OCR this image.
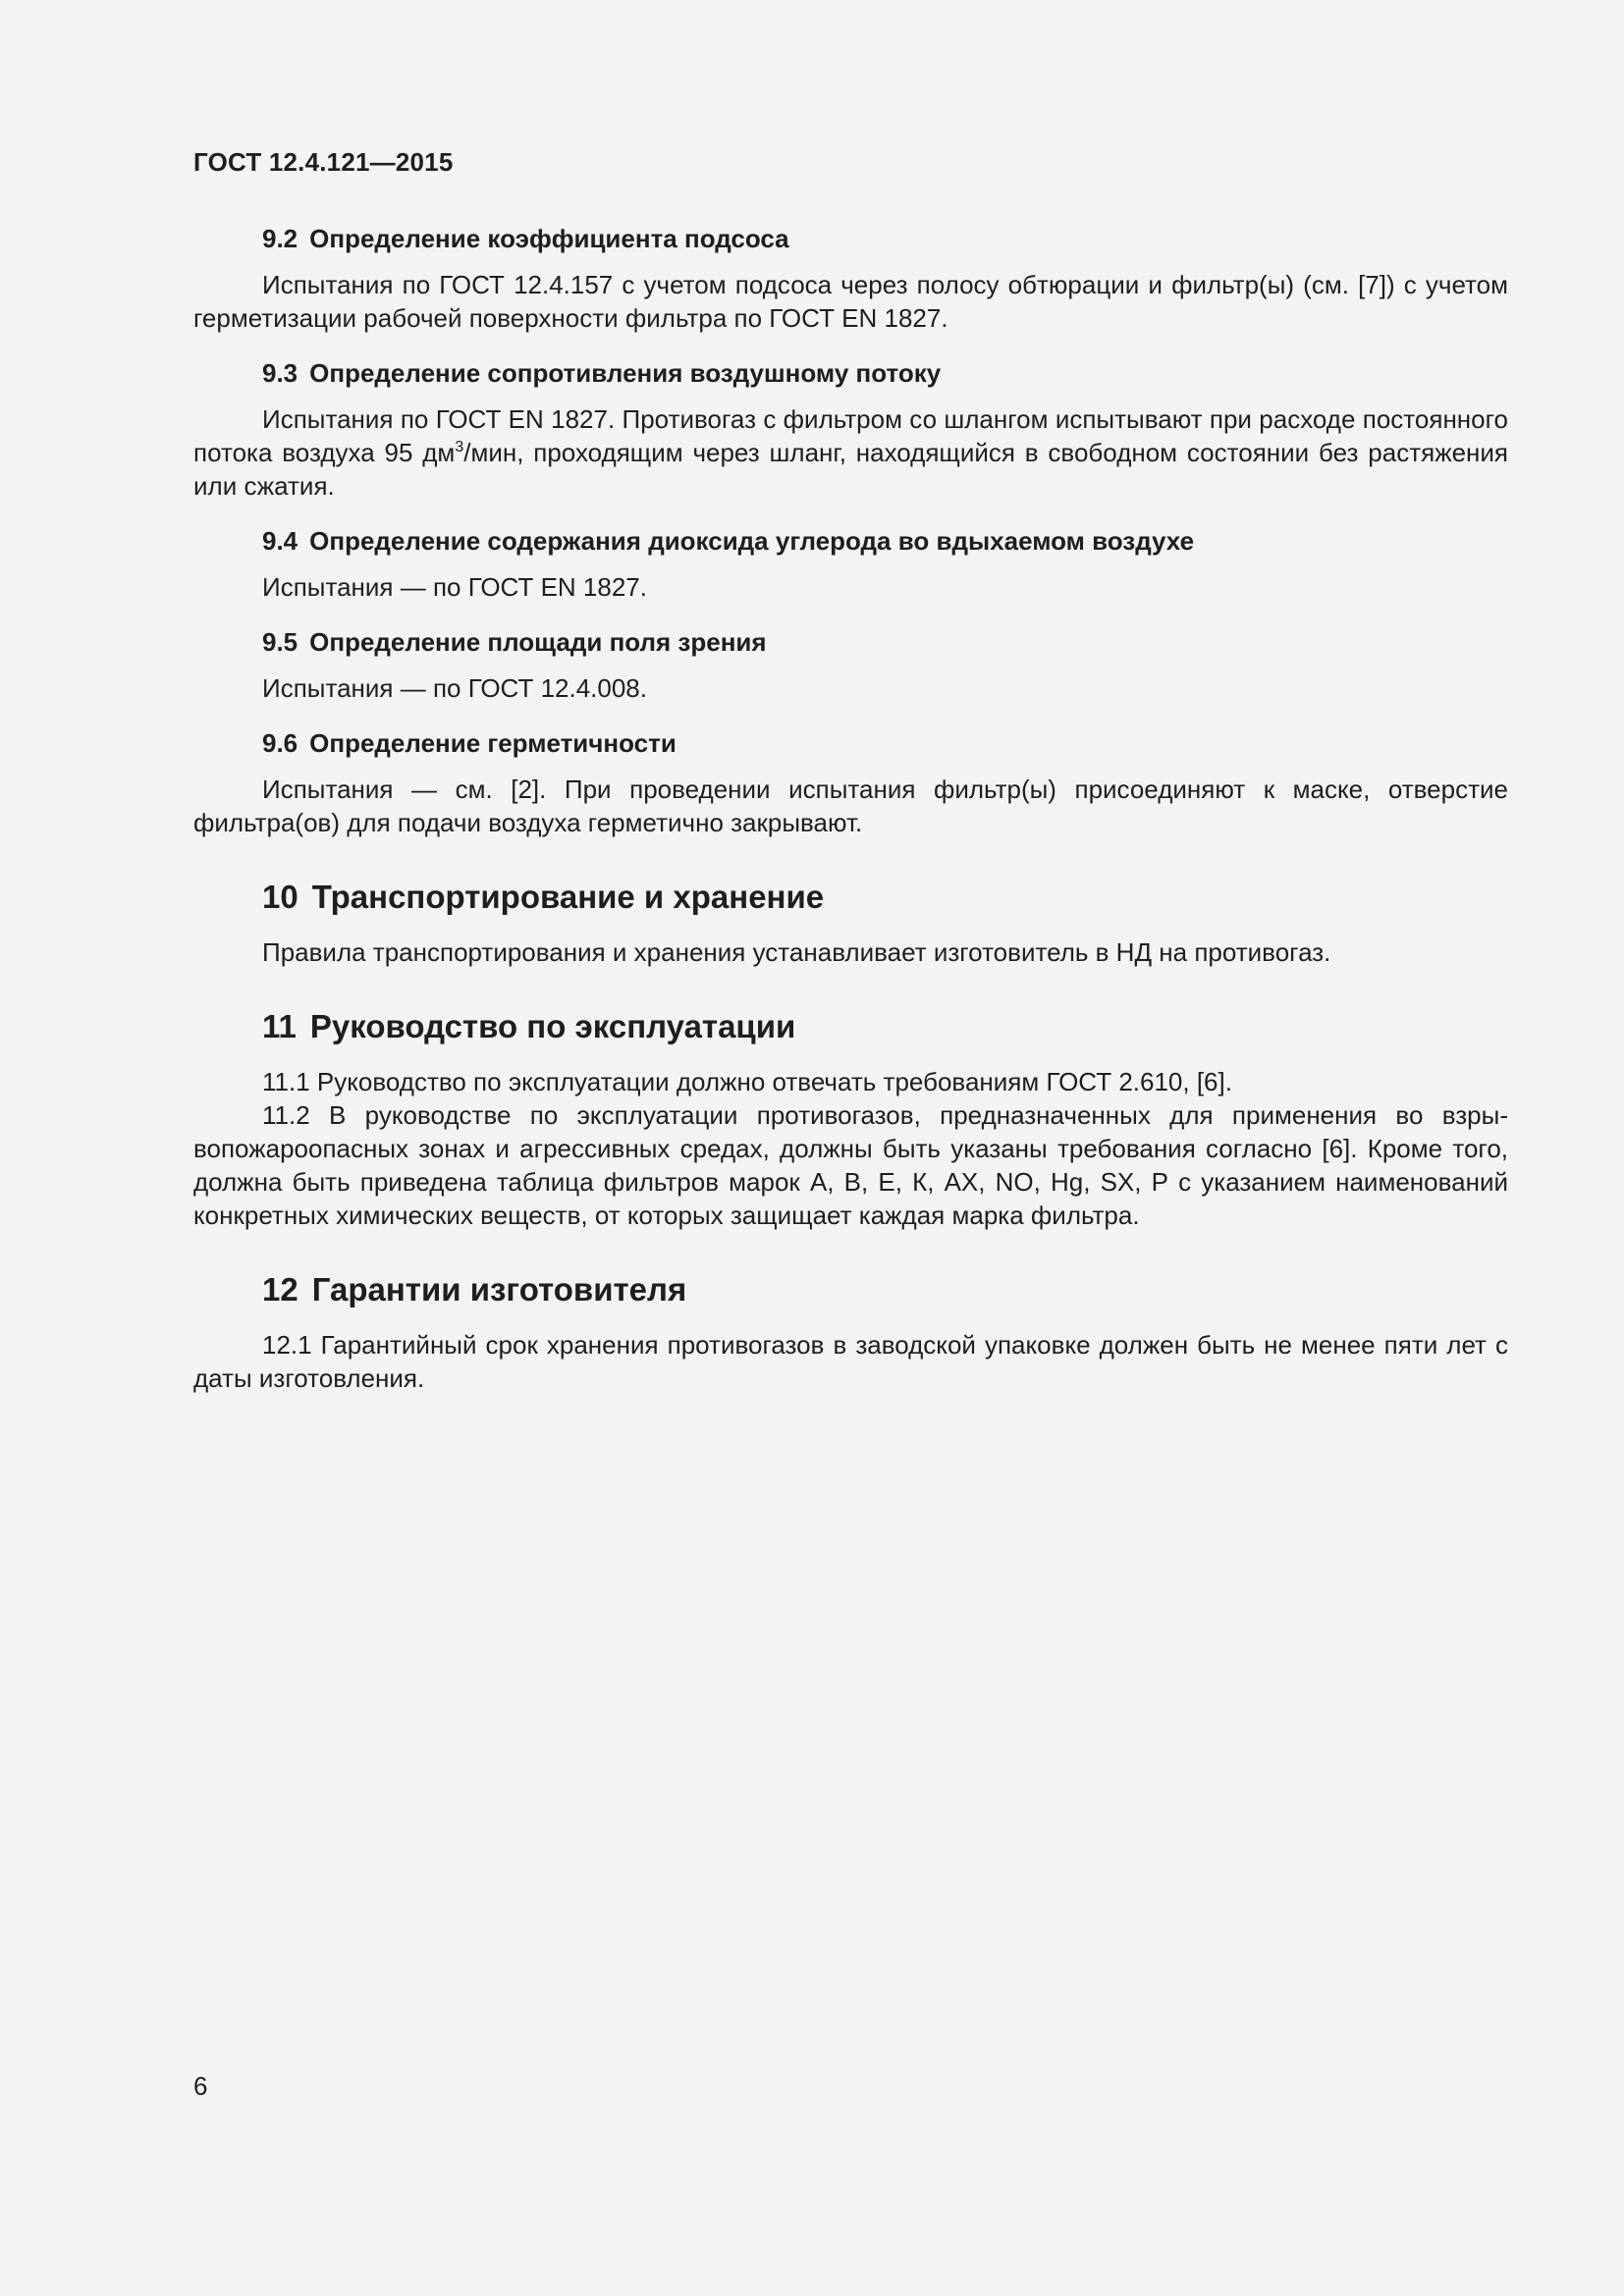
ГОСТ 12.4.121—2015
9.2 Определение коэффициента подсоса

Испытания по ГОСТ 12.4.157 с учетом подсоса через полосу обтюрации и фильтр(ы) (см. [7]) с учетом герметизации рабочей поверхности фильтра по ГОСТ EN 1827.

9.3 Определение сопротивления воздушному потоку

Испытания по ГОСТ EN 1827. Противогаз с фильтром со шлангом испытывают при расходе постоянного потока воздуха 95 $дм^3$/мин, проходящим через шланг, находящийся в свободном состоянии без растяжения или сжатия.

9.4 Определение содержания диоксида углерода во вдыхаемом воздухе

Испытания — по ГОСТ EN 1827.

9.5 Определение площади поля зрения

Испытания — по ГОСТ 12.4.008.

9.6 Определение герметичности

Испытания — см. [2]. При проведении испытания фильтр(ы) присоединяют к маске, отверстие фильтра(ов) для подачи воздуха герметично закрывают.

10 Транспортирование и хранение

Правила транспортирования и хранения устанавливает изготовитель в НД на противогаз.

11 Руководство по эксплуатации

11.1 Руководство по эксплуатации должно отвечать требованиям ГОСТ 2.610, [6].

11.2 В руководстве по эксплуатации противогазов, предназначенных для применения во взрывопожароопасных зонах и агрессивных средах, должны быть указаны требования согласно [6]. Кроме того, должна быть приведена таблица фильтров марок А, В, Е, К, АХ, NO, Hg, SX, Р с указанием наименований конкретных химических веществ, от которых защищает каждая марка фильтра.

12 Гарантии изготовителя

12.1 Гарантийный срок хранения противогазов в заводской упаковке должен быть не менее пяти лет с даты изготовления.

6
